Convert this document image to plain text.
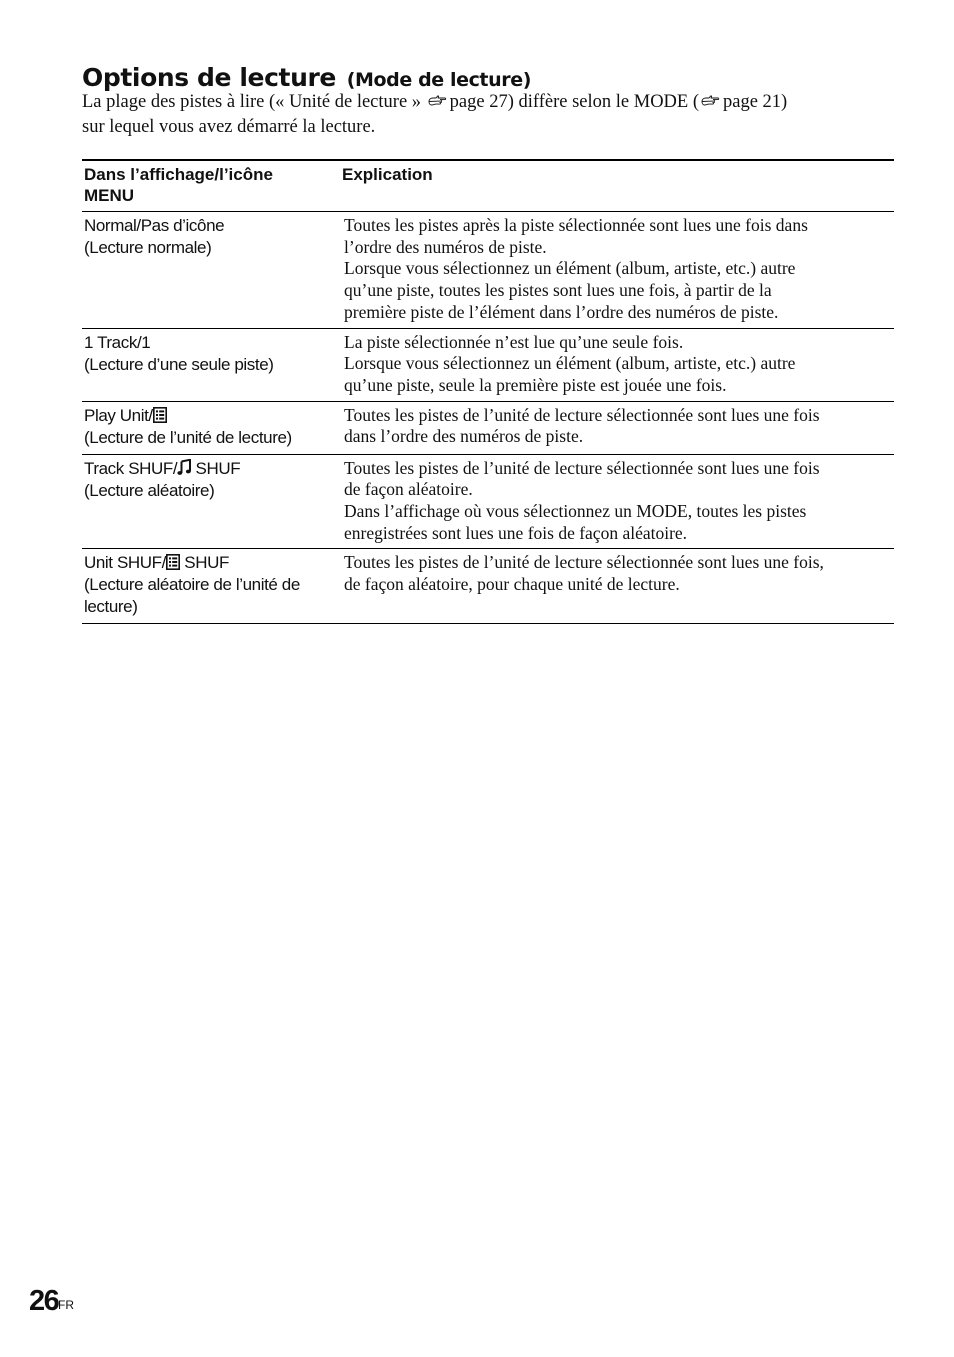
Options de lecture (Mode de lecture)

La plage des pistes à lire (« Unité de lecture » page 27) diffère selon le MODE ( page 21)
sur lequel vous avez démarré la lecture.

Dans l’affichage/l’icône
MENU	Explication

Normal/Pas d’icône
(Lecture normale)	Toutes les pistes après la piste sélectionnée sont lues une fois dans
l’ordre des numéros de piste.
Lorsque vous sélectionnez un élément (album, artiste, etc.) autre
qu’une piste, toutes les pistes sont lues une fois, à partir de la
première piste de l’élément dans l’ordre des numéros de piste.

1 Track/1
(Lecture d’une seule piste)	La piste sélectionnée n’est lue qu’une seule fois.
Lorsque vous sélectionnez un élément (album, artiste, etc.) autre
qu’une piste, seule la première piste est jouée une fois.

Play Unit/
(Lecture de l’unité de lecture)	Toutes les pistes de l’unité de lecture sélectionnée sont lues une fois
dans l’ordre des numéros de piste.

Track SHUF/ SHUF
(Lecture aléatoire)	Toutes les pistes de l’unité de lecture sélectionnée sont lues une fois
de façon aléatoire.
Dans l’affichage où vous sélectionnez un MODE, toutes les pistes
enregistrées sont lues une fois de façon aléatoire.

Unit SHUF/ SHUF
(Lecture aléatoire de l’unité de
lecture)	Toutes les pistes de l’unité de lecture sélectionnée sont lues une fois,
de façon aléatoire, pour chaque unité de lecture.
26 FR
